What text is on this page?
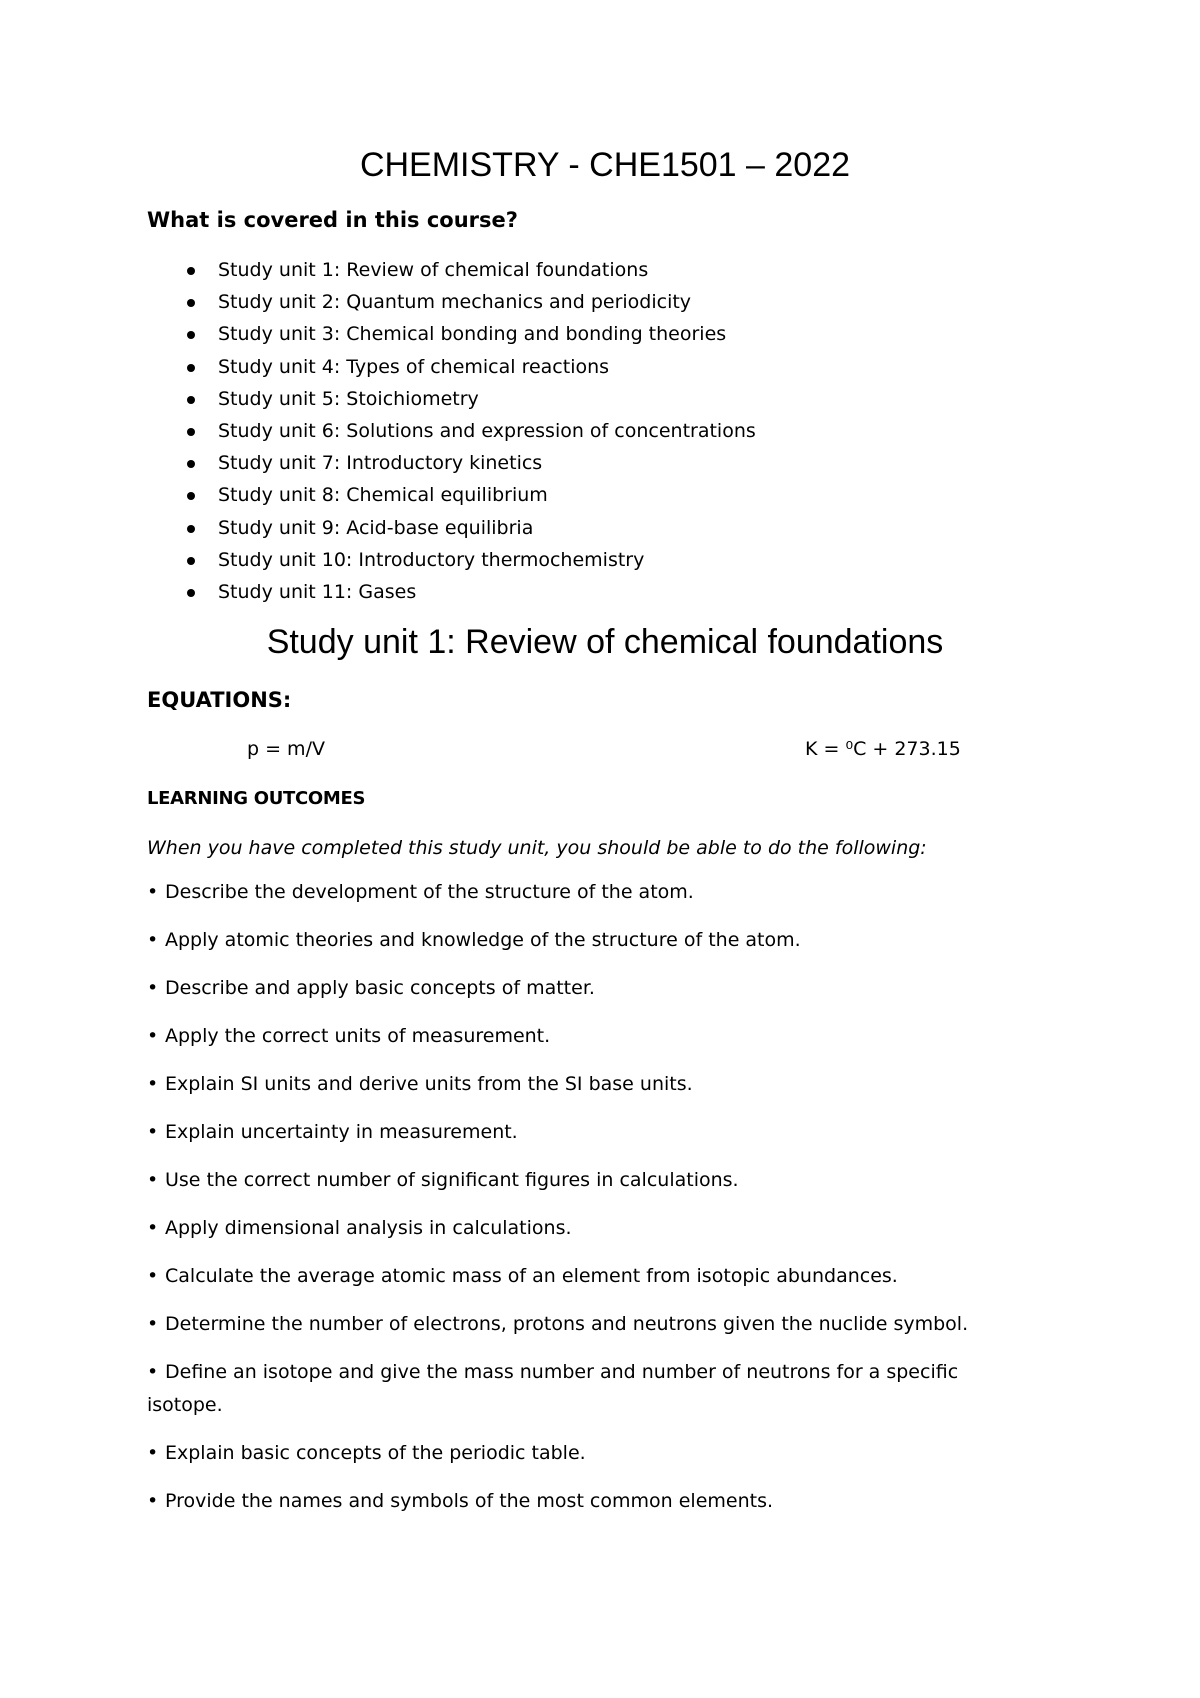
CHEMISTRY - CHE1501 – 2022
What is covered in this course?
Study unit 1: Review of chemical foundations
Study unit 2: Quantum mechanics and periodicity
Study unit 3: Chemical bonding and bonding theories
Study unit 4: Types of chemical reactions
Study unit 5: Stoichiometry
Study unit 6: Solutions and expression of concentrations
Study unit 7: Introductory kinetics
Study unit 8: Chemical equilibrium
Study unit 9: Acid-base equilibria
Study unit 10: Introductory thermochemistry
Study unit 11: Gases
Study unit 1: Review of chemical foundations
EQUATIONS:
p = m/V	K = ⁰C + 273.15
LEARNING OUTCOMES

When you have completed this study unit, you should be able to do the following:

• Describe the development of the structure of the atom.

• Apply atomic theories and knowledge of the structure of the atom.

• Describe and apply basic concepts of matter.

• Apply the correct units of measurement.

• Explain SI units and derive units from the SI base units.

• Explain uncertainty in measurement.

• Use the correct number of significant figures in calculations.

• Apply dimensional analysis in calculations.

• Calculate the average atomic mass of an element from isotopic abundances.

• Determine the number of electrons, protons and neutrons given the nuclide symbol.

• Define an isotope and give the mass number and number of neutrons for a specific isotope.

• Explain basic concepts of the periodic table.

• Provide the names and symbols of the most common elements.
